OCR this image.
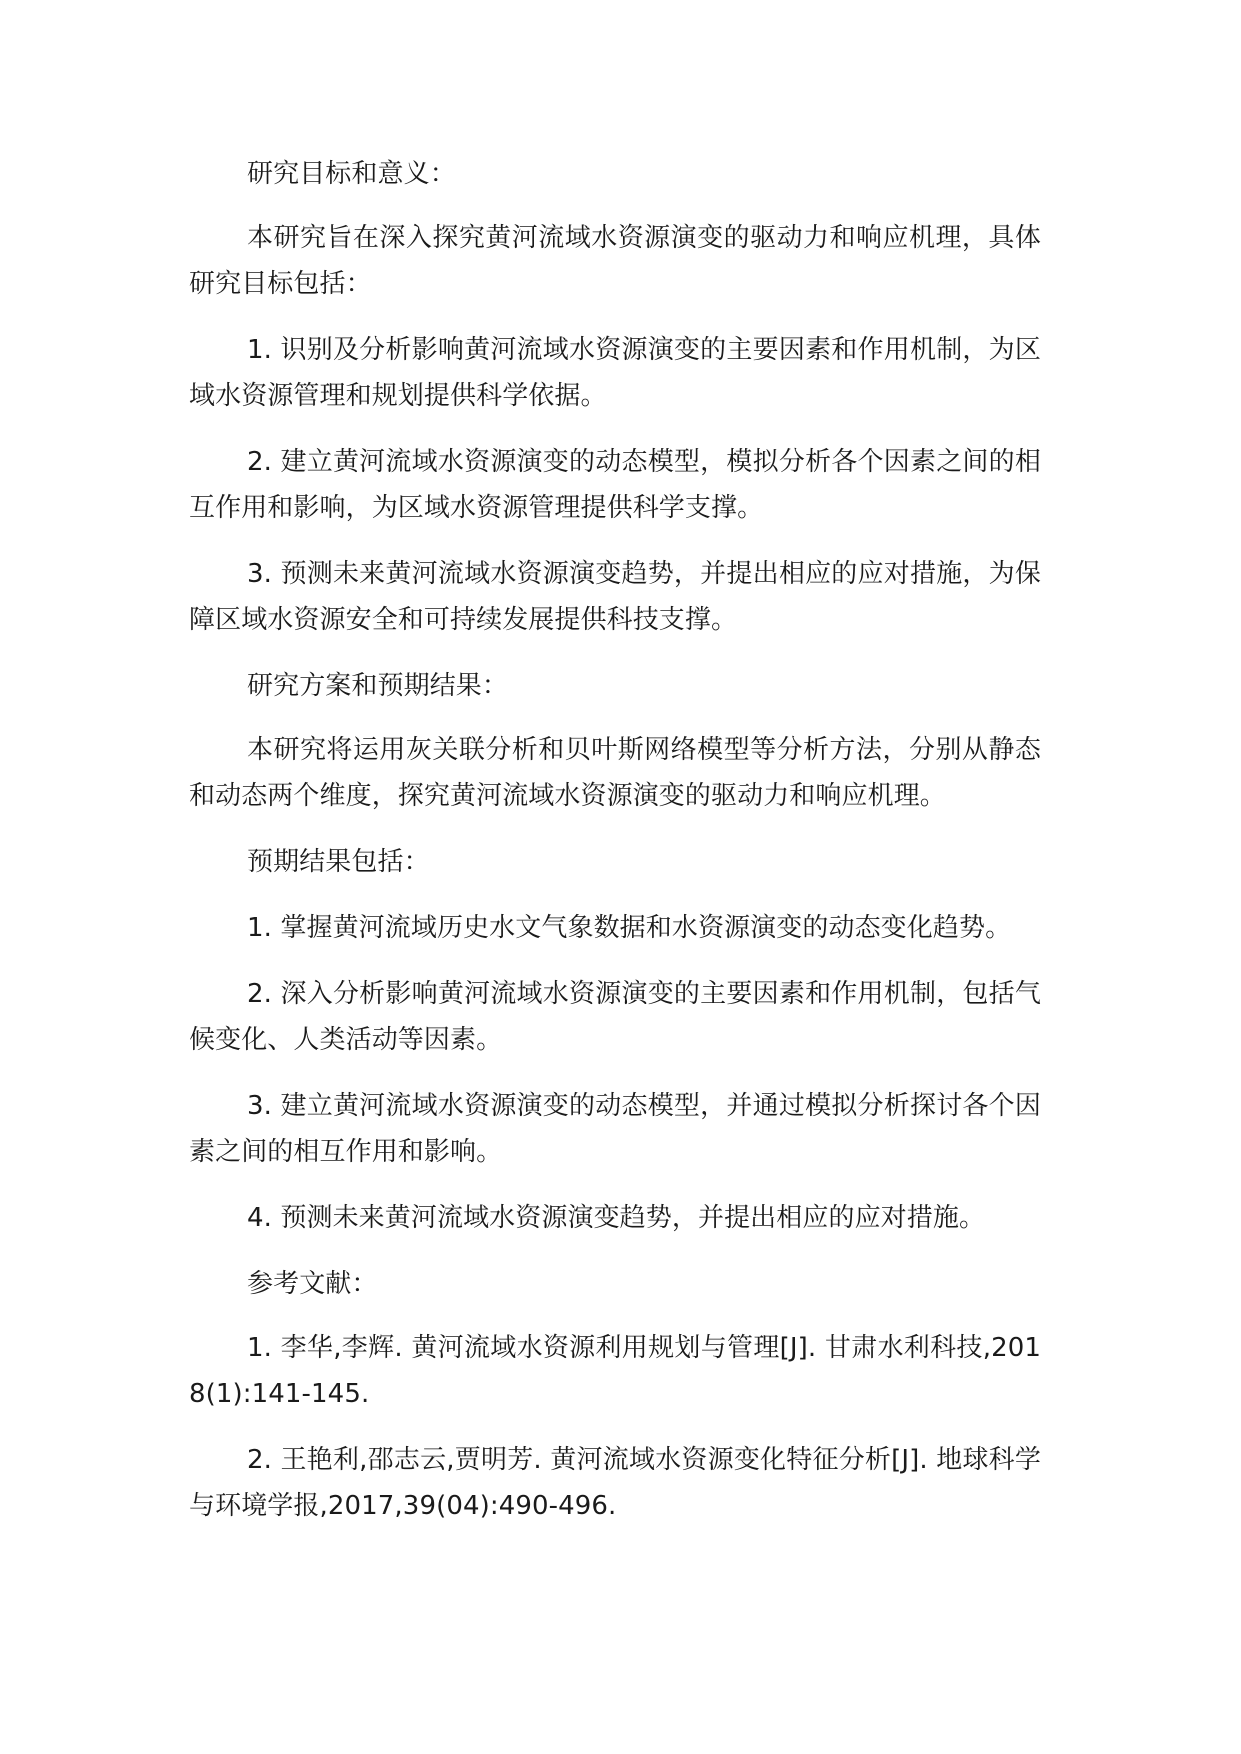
研究目标和意义：

本研究旨在深入探究黄河流域水资源演变的驱动力和响应机理，具体研究目标包括：

1. 识别及分析影响黄河流域水资源演变的主要因素和作用机制，为区域水资源管理和规划提供科学依据。

2. 建立黄河流域水资源演变的动态模型，模拟分析各个因素之间的相互作用和影响，为区域水资源管理提供科学支撑。

3. 预测未来黄河流域水资源演变趋势，并提出相应的应对措施，为保障区域水资源安全和可持续发展提供科技支撑。

研究方案和预期结果：

本研究将运用灰关联分析和贝叶斯网络模型等分析方法，分别从静态和动态两个维度，探究黄河流域水资源演变的驱动力和响应机理。

预期结果包括：

1. 掌握黄河流域历史水文气象数据和水资源演变的动态变化趋势。

2. 深入分析影响黄河流域水资源演变的主要因素和作用机制，包括气候变化、人类活动等因素。

3. 建立黄河流域水资源演变的动态模型，并通过模拟分析探讨各个因素之间的相互作用和影响。

4. 预测未来黄河流域水资源演变趋势，并提出相应的应对措施。

参考文献：

1. 李华,李辉. 黄河流域水资源利用规划与管理[J]. 甘肃水利科技,2018(1):141-145.

2. 王艳利,邵志云,贾明芳. 黄河流域水资源变化特征分析[J]. 地球科学与环境学报,2017,39(04):490-496.
